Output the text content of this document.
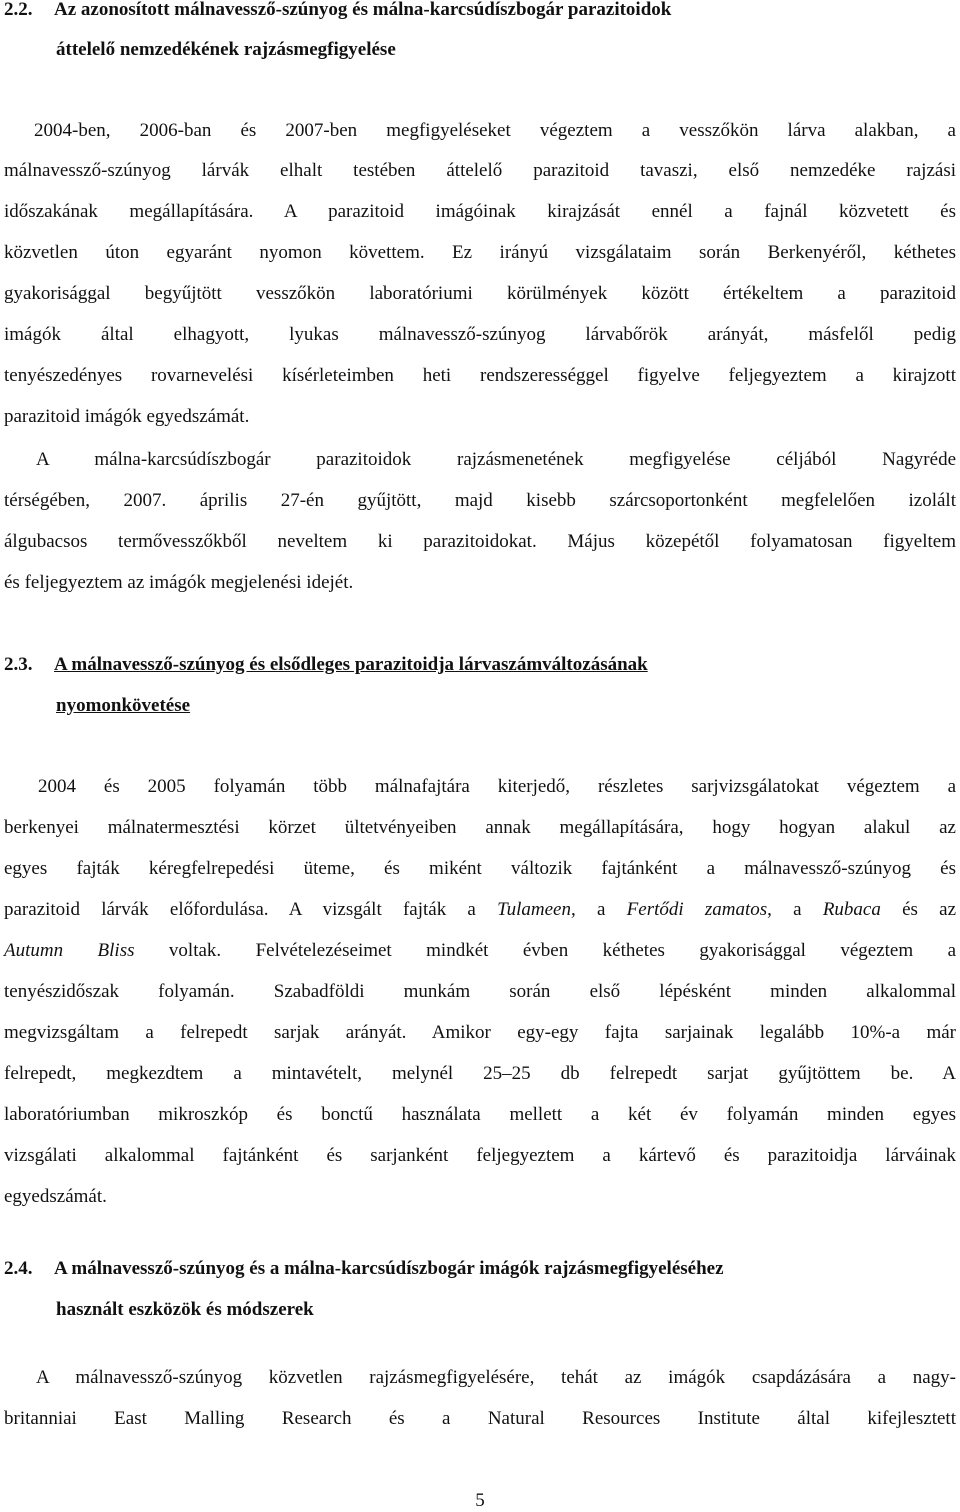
2.2. Az azonosított málnavessző-szúnyog és málna-karcsúdíszbogár parazitoidok
áttelelő nemzedékének rajzásmegfigyelése
2004-ben, 2006-ban és 2007-ben megfigyeléseket végeztem a vesszőkön lárva alakban, a
málnavessző-szúnyog lárvák elhalt testében áttelelő parazitoid tavaszi, első nemzedéke rajzási
időszakának megállapítására. A parazitoid imágóinak kirajzását ennél a fajnál közvetett és
közvetlen úton egyaránt nyomon követtem. Ez irányú vizsgálataim során Berkenyéről, kéthetes
gyakorisággal begyűjtött vesszőkön laboratóriumi körülmények között értékeltem a parazitoid
imágók által elhagyott, lyukas málnavessző-szúnyog lárvabőrök arányát, másfelől pedig
tenyészedényes rovarnevelési kísérleteimben heti rendszerességgel figyelve feljegyeztem a kirajzott
parazitoid imágók egyedszámát.
A málna-karcsúdíszbogár parazitoidok rajzásmenetének megfigyelése céljából Nagyréde
térségében, 2007. április 27-én gyűjtött, majd kisebb szárcsoportonként megfelelően izolált
álgubacsos termővesszőkből neveltem ki parazitoidokat. Május közepétől folyamatosan figyeltem
és feljegyeztem az imágók megjelenési idejét.
2.3. A málnavessző-szúnyog és elsődleges parazitoidja lárvaszámváltozásának
nyomonkövetése
2004 és 2005 folyamán több málnafajtára kiterjedő, részletes sarjvizsgálatokat végeztem a
berkenyei málnatermesztési körzet ültetvényeiben annak megállapítására, hogy hogyan alakul az
egyes fajták kéregfelrepedési üteme, és miként változik fajtánként a málnavessző-szúnyog és
parazitoid lárvák előfordulása. A vizsgált fajták a Tulameen, a Fertődi zamatos, a Rubaca és az
Autumn Bliss voltak. Felvételezéseimet mindkét évben kéthetes gyakorisággal végeztem a
tenyészidőszak folyamán. Szabadföldi munkám során első lépésként minden alkalommal
megvizsgáltam a felrepedt sarjak arányát. Amikor egy-egy fajta sarjainak legalább 10%-a már
felrepedt, megkezdtem a mintavételt, melynél 25–25 db felrepedt sarjat gyűjtöttem be. A
laboratóriumban mikroszkóp és bonctű használata mellett a két év folyamán minden egyes
vizsgálati alkalommal fajtánként és sarjanként feljegyeztem a kártevő és parazitoidja lárváinak
egyedszámát.
2.4. A málnavessző-szúnyog és a málna-karcsúdíszbogár imágók rajzásmegfigyeléséhez
használt eszközök és módszerek
A málnavessző-szúnyog közvetlen rajzásmegfigyelésére, tehát az imágók csapdázására a nagy-
britanniai East Malling Research és a Natural Resources Institute által kifejlesztett
5
